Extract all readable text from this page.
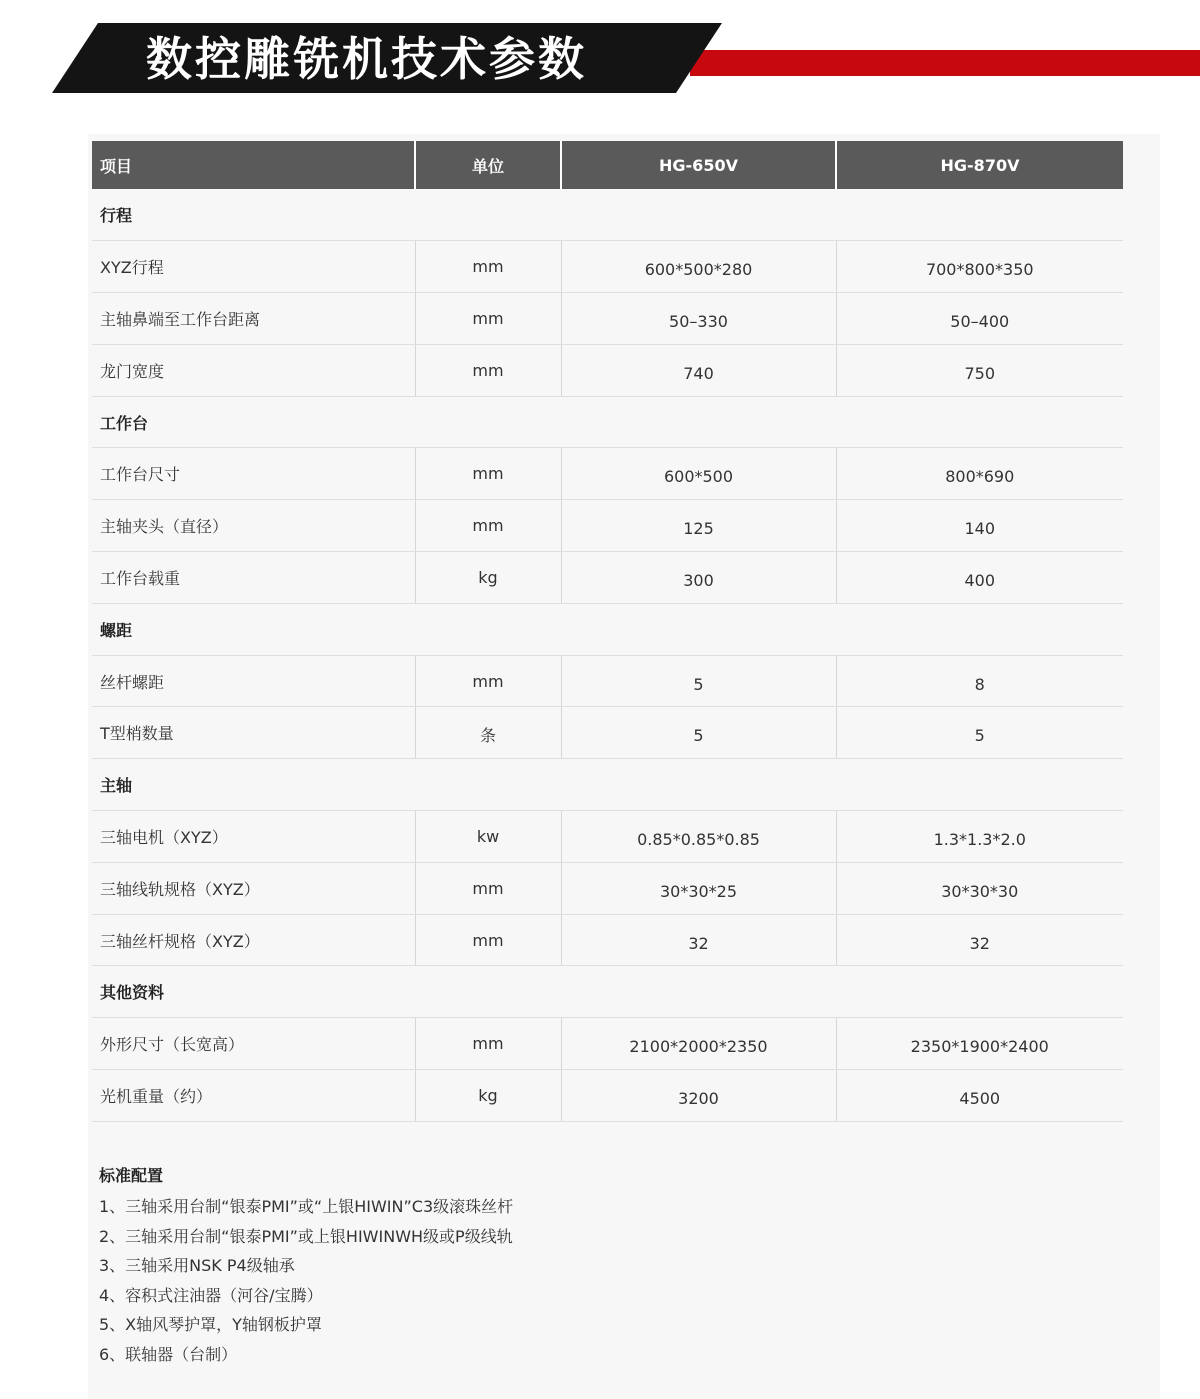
数控雕铣机技术参数
项目	单位	HG-650V	HG-870V
行程			
XYZ行程	mm	600*500*280	700*800*350
主轴鼻端至工作台距离	mm	50–330	50–400
龙门宽度	mm	740	750
工作台			
工作台尺寸	mm	600*500	800*690
主轴夹头（直径）	mm	125	140
工作台载重	kg	300	400
螺距			
丝杆螺距	mm	5	8
T型梢数量	条	5	5
主轴			
三轴电机（XYZ）	kw	0.85*0.85*0.85	1.3*1.3*2.0
三轴线轨规格（XYZ）	mm	30*30*25	30*30*30
三轴丝杆规格（XYZ）	mm	32	32
其他资料			
外形尺寸（长宽高）	mm	2100*2000*2350	2350*1900*2400
光机重量（约）	kg	3200	4500
标准配置
1、三轴采用台制“银泰PMI”或“上银HIWIN”C3级滚珠丝杆
2、三轴采用台制“银泰PMI”或上银HIWINWH级或P级线轨
3、三轴采用NSK P4级轴承
4、容积式注油器（河谷/宝腾）
5、X轴风琴护罩，Y轴钢板护罩
6、联轴器（台制）
